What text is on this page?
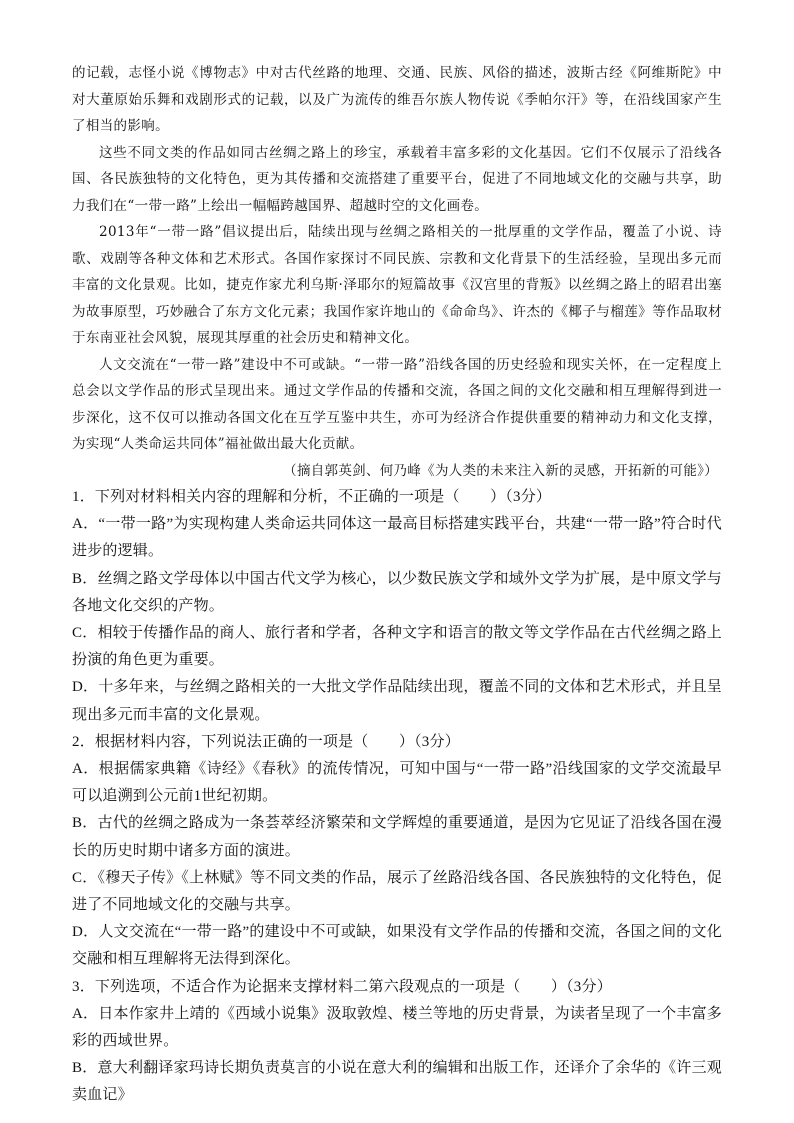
的记载，志怪小说《博物志》中对古代丝路的地理、交通、民族、风俗的描述，波斯古经《阿维斯陀》中对大董原始乐舞和戏剧形式的记载，以及广为流传的维吾尔族人物传说《季帕尔汗》等，在沿线国家产生了相当的影响。

这些不同文类的作品如同古丝绸之路上的珍宝，承载着丰富多彩的文化基因。它们不仅展示了沿线各国、各民族独特的文化特色，更为其传播和交流搭建了重要平台，促进了不同地域文化的交融与共享，助力我们在“一带一路”上绘出一幅幅跨越国界、超越时空的文化画卷。

2013年“一带一路”倡议提出后，陆续出现与丝绸之路相关的一批厚重的文学作品，覆盖了小说、诗歌、戏剧等各种文体和艺术形式。各国作家探讨不同民族、宗教和文化背景下的生活经验，呈现出多元而丰富的文化景观。比如，捷克作家尤利乌斯·泽耶尔的短篇故事《汉宫里的背叛》以丝绸之路上的昭君出塞为故事原型，巧妙融合了东方文化元素；我国作家许地山的《命命鸟》、许杰的《椰子与榴莲》等作品取材于东南亚社会风貌，展现其厚重的社会历史和精神文化。

人文交流在“一带一路”建设中不可或缺。“一带一路”沿线各国的历史经验和现实关怀，在一定程度上总会以文学作品的形式呈现出来。通过文学作品的传播和交流，各国之间的文化交融和相互理解得到进一步深化，这不仅可以推动各国文化在互学互鉴中共生，亦可为经济合作提供重要的精神动力和文化支撑，为实现“人类命运共同体”福祉做出最大化贡献。

（摘自郭英剑、何乃峰《为人类的未来注入新的灵感，开拓新的可能》）

1．下列对材料相关内容的理解和分析，不正确的一项是（　　）（3分）

A．“一带一路”为实现构建人类命运共同体这一最高目标搭建实践平台，共建“一带一路”符合时代进步的逻辑。

B．丝绸之路文学母体以中国古代文学为核心，以少数民族文学和域外文学为扩展，是中原文学与各地文化交织的产物。

C．相较于传播作品的商人、旅行者和学者，各种文字和语言的散文等文学作品在古代丝绸之路上扮演的角色更为重要。

D．十多年来，与丝绸之路相关的一大批文学作品陆续出现，覆盖不同的文体和艺术形式，并且呈现出多元而丰富的文化景观。

2．根据材料内容，下列说法正确的一项是（　　）（3分）

A．根据儒家典籍《诗经》《春秋》的流传情况，可知中国与“一带一路”沿线国家的文学交流最早可以追溯到公元前1世纪初期。

B．古代的丝绸之路成为一条荟萃经济繁荣和文学辉煌的重要通道，是因为它见证了沿线各国在漫长的历史时期中诸多方面的演进。

C．《穆天子传》《上林赋》等不同文类的作品，展示了丝路沿线各国、各民族独特的文化特色，促进了不同地域文化的交融与共享。

D．人文交流在“一带一路”的建设中不可或缺，如果没有文学作品的传播和交流，各国之间的文化交融和相互理解将无法得到深化。

3．下列选项，不适合作为论据来支撑材料二第六段观点的一项是（　　）（3分）

A．日本作家井上靖的《西域小说集》汲取敦煌、楼兰等地的历史背景，为读者呈现了一个丰富多彩的西域世界。

B．意大利翻译家玛诗长期负责莫言的小说在意大利的编辑和出版工作，还译介了余华的《许三观卖血记》
